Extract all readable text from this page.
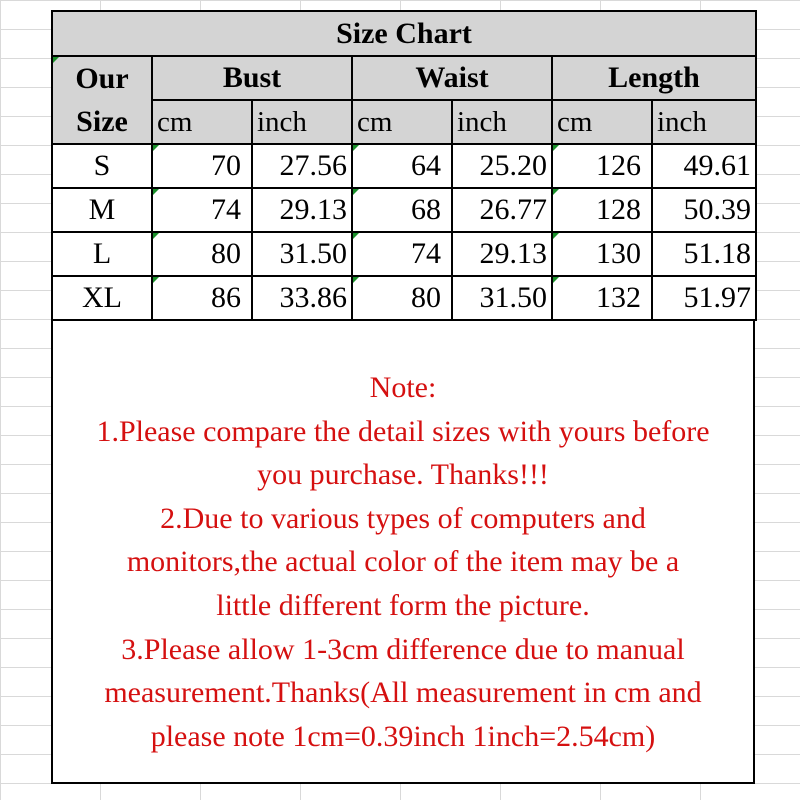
Size Chart						

Our
Size	Bust		Waist		Length	
	cm	inch	cm	inch	cm	inch
S	70	27.56	64	25.20	126	49.61
M	74	29.13	68	26.77	128	50.39
L	80	31.50	74	29.13	130	51.18
XL	86	33.86	80	31.50	132	51.97
Note:
1.Please compare the detail sizes with yours before
you purchase. Thanks!!!
2.Due to various types of computers and
monitors,the actual color of the item may be a
little different form the picture.
3.Please allow 1-3cm difference due to manual
measurement.Thanks(All measurement in cm and
please note 1cm=0.39inch 1inch=2.54cm)
